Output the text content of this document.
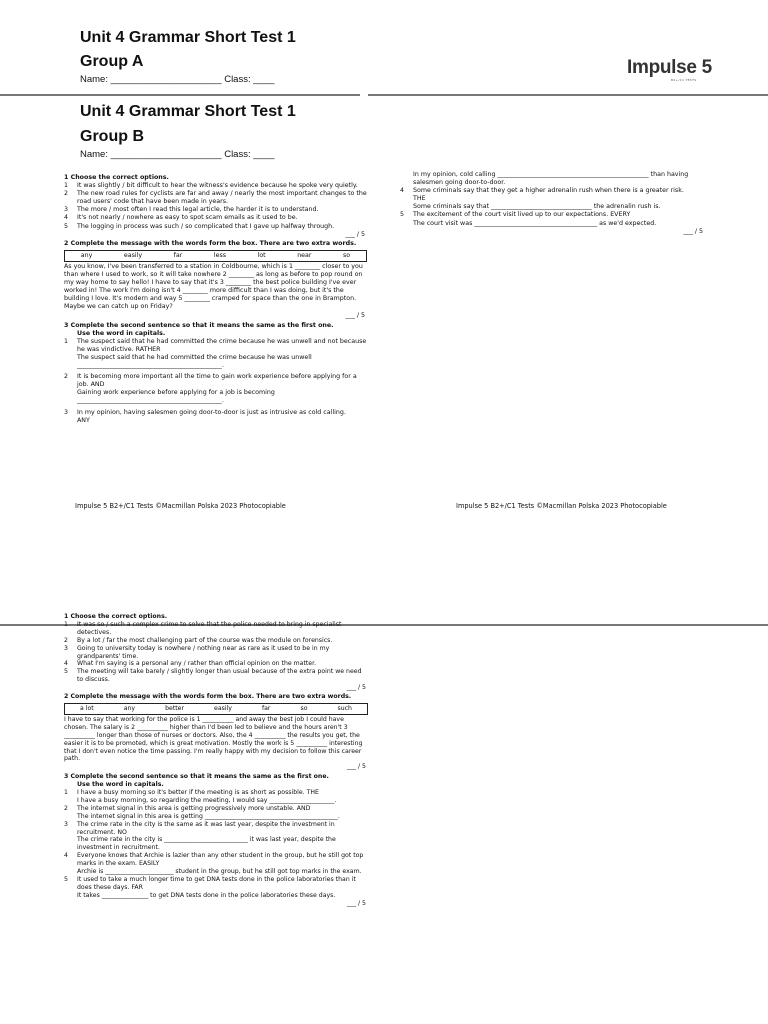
Unit 4 Grammar Short Test 1
Group A
Name: _____________________ Class: ____
Impulse 5
B2+/C1 TESTS
Unit 4 Grammar Short Test 1
Group B
Name: _____________________ Class: ____
1 Choose the correct options.
1 It was slightly / bit difficult to hear the witness's evidence because he spoke very quietly.
2 The new road rules for cyclists are far and away / nearly the most important changes to the road users' code that have been made in years.
3 The more / most often I read this legal article, the harder it is to understand.
4 It's not nearly / nowhere as easy to spot scam emails as it used to be.
5 The logging in process was such / so complicated that I gave up halfway through.
___ / 5
2 Complete the message with the words form the box. There are two extra words.
any	easily	far	less	lot	near	so
As you know, I've been transferred to a station in Coldbourne, which is 1 ________ closer to you than where I used to work, so it will take nowhere 2 ________ as long as before to pop round on my way home to say hello! I have to say that it's 3 ________ the best police building I've ever worked in! The work I'm doing isn't 4 ________ more difficult than I was doing, but it's the building I love. It's modern and way 5 ________ cramped for space than the one in Brampton. Maybe we can catch up on Friday?
___ / 5
3 Complete the second sentence so that it means the same as the first one.
Use the word in capitals.
1 The suspect said that he had committed the crime because he was unwell and not because he was vindictive. RATHER
The suspect said that he had committed the crime because he was unwell ______________________________________________.
2 It is becoming more important all the time to gain work experience before applying for a job. AND
Gaining work experience before applying for a job is becoming ______________________________________________.
3 In my opinion, having salesmen going door-to-door is just as intrusive as cold calling.
ANY
In my opinion, cold calling ________________________________________________ than having salesmen going door-to-door.
4 Some criminals say that they get a higher adrenalin rush when there is a greater risk.
THE
Some criminals say that ________________________________ the adrenalin rush is.
5 The excitement of the court visit lived up to our expectations. EVERY
The court visit was _______________________________________ as we'd expected.
___ / 5
Impulse 5 B2+/C1 Tests ©Macmillan Polska 2023 Photocopiable	Impulse 5 B2+/C1 Tests ©Macmillan Polska 2023 Photocopiable
1 Choose the correct options.
1 It was so / such a complex crime to solve that the police needed to bring in specialist detectives.
2 By a lot / far the most challenging part of the course was the module on forensics.
3 Going to university today is nowhere / nothing near as rare as it used to be in my grandparents' time.
4 What I'm saying is a personal any / rather than official opinion on the matter.
5 The meeting will take barely / slightly longer than usual because of the extra point we need to discuss.
___ / 5
2 Complete the message with the words form the box. There are two extra words.
a lot	any	better	easily	far	so	such
I have to say that working for the police is 1 __________ and away the best job I could have chosen. The salary is 2 __________ higher than I'd been led to believe and the hours aren't 3 __________ longer than those of nurses or doctors. Also, the 4 __________ the results you get, the easier it is to be promoted, which is great motivation. Mostly the work is 5 __________ interesting that I don't even notice the time passing. I'm really happy with my decision to follow this career path.
___ / 5
3 Complete the second sentence so that it means the same as the first one.
Use the word in capitals.
1 I have a busy morning so it's better if the meeting is as short as possible. THE
I have a busy morning, so regarding the meeting, I would say _____________________.
2 The internet signal in this area is getting progressively more unstable. AND
The internet signal in this area is getting ___________________________________________.
3 The crime rate in the city is the same as it was last year, despite the investment in recruitment. NO
The crime rate in the city is ___________________________ it was last year, despite the investment in recruitment.
4 Everyone knows that Archie is lazier than any other student in the group, but he still got top marks in the exam. EASILY
Archie is ______________________ student in the group, but he still got top marks in the exam.
5 It used to take a much longer time to get DNA tests done in the police laboratories than it does these days. FAR
It takes _______________ to get DNA tests done in the police laboratories these days.
___ / 5
